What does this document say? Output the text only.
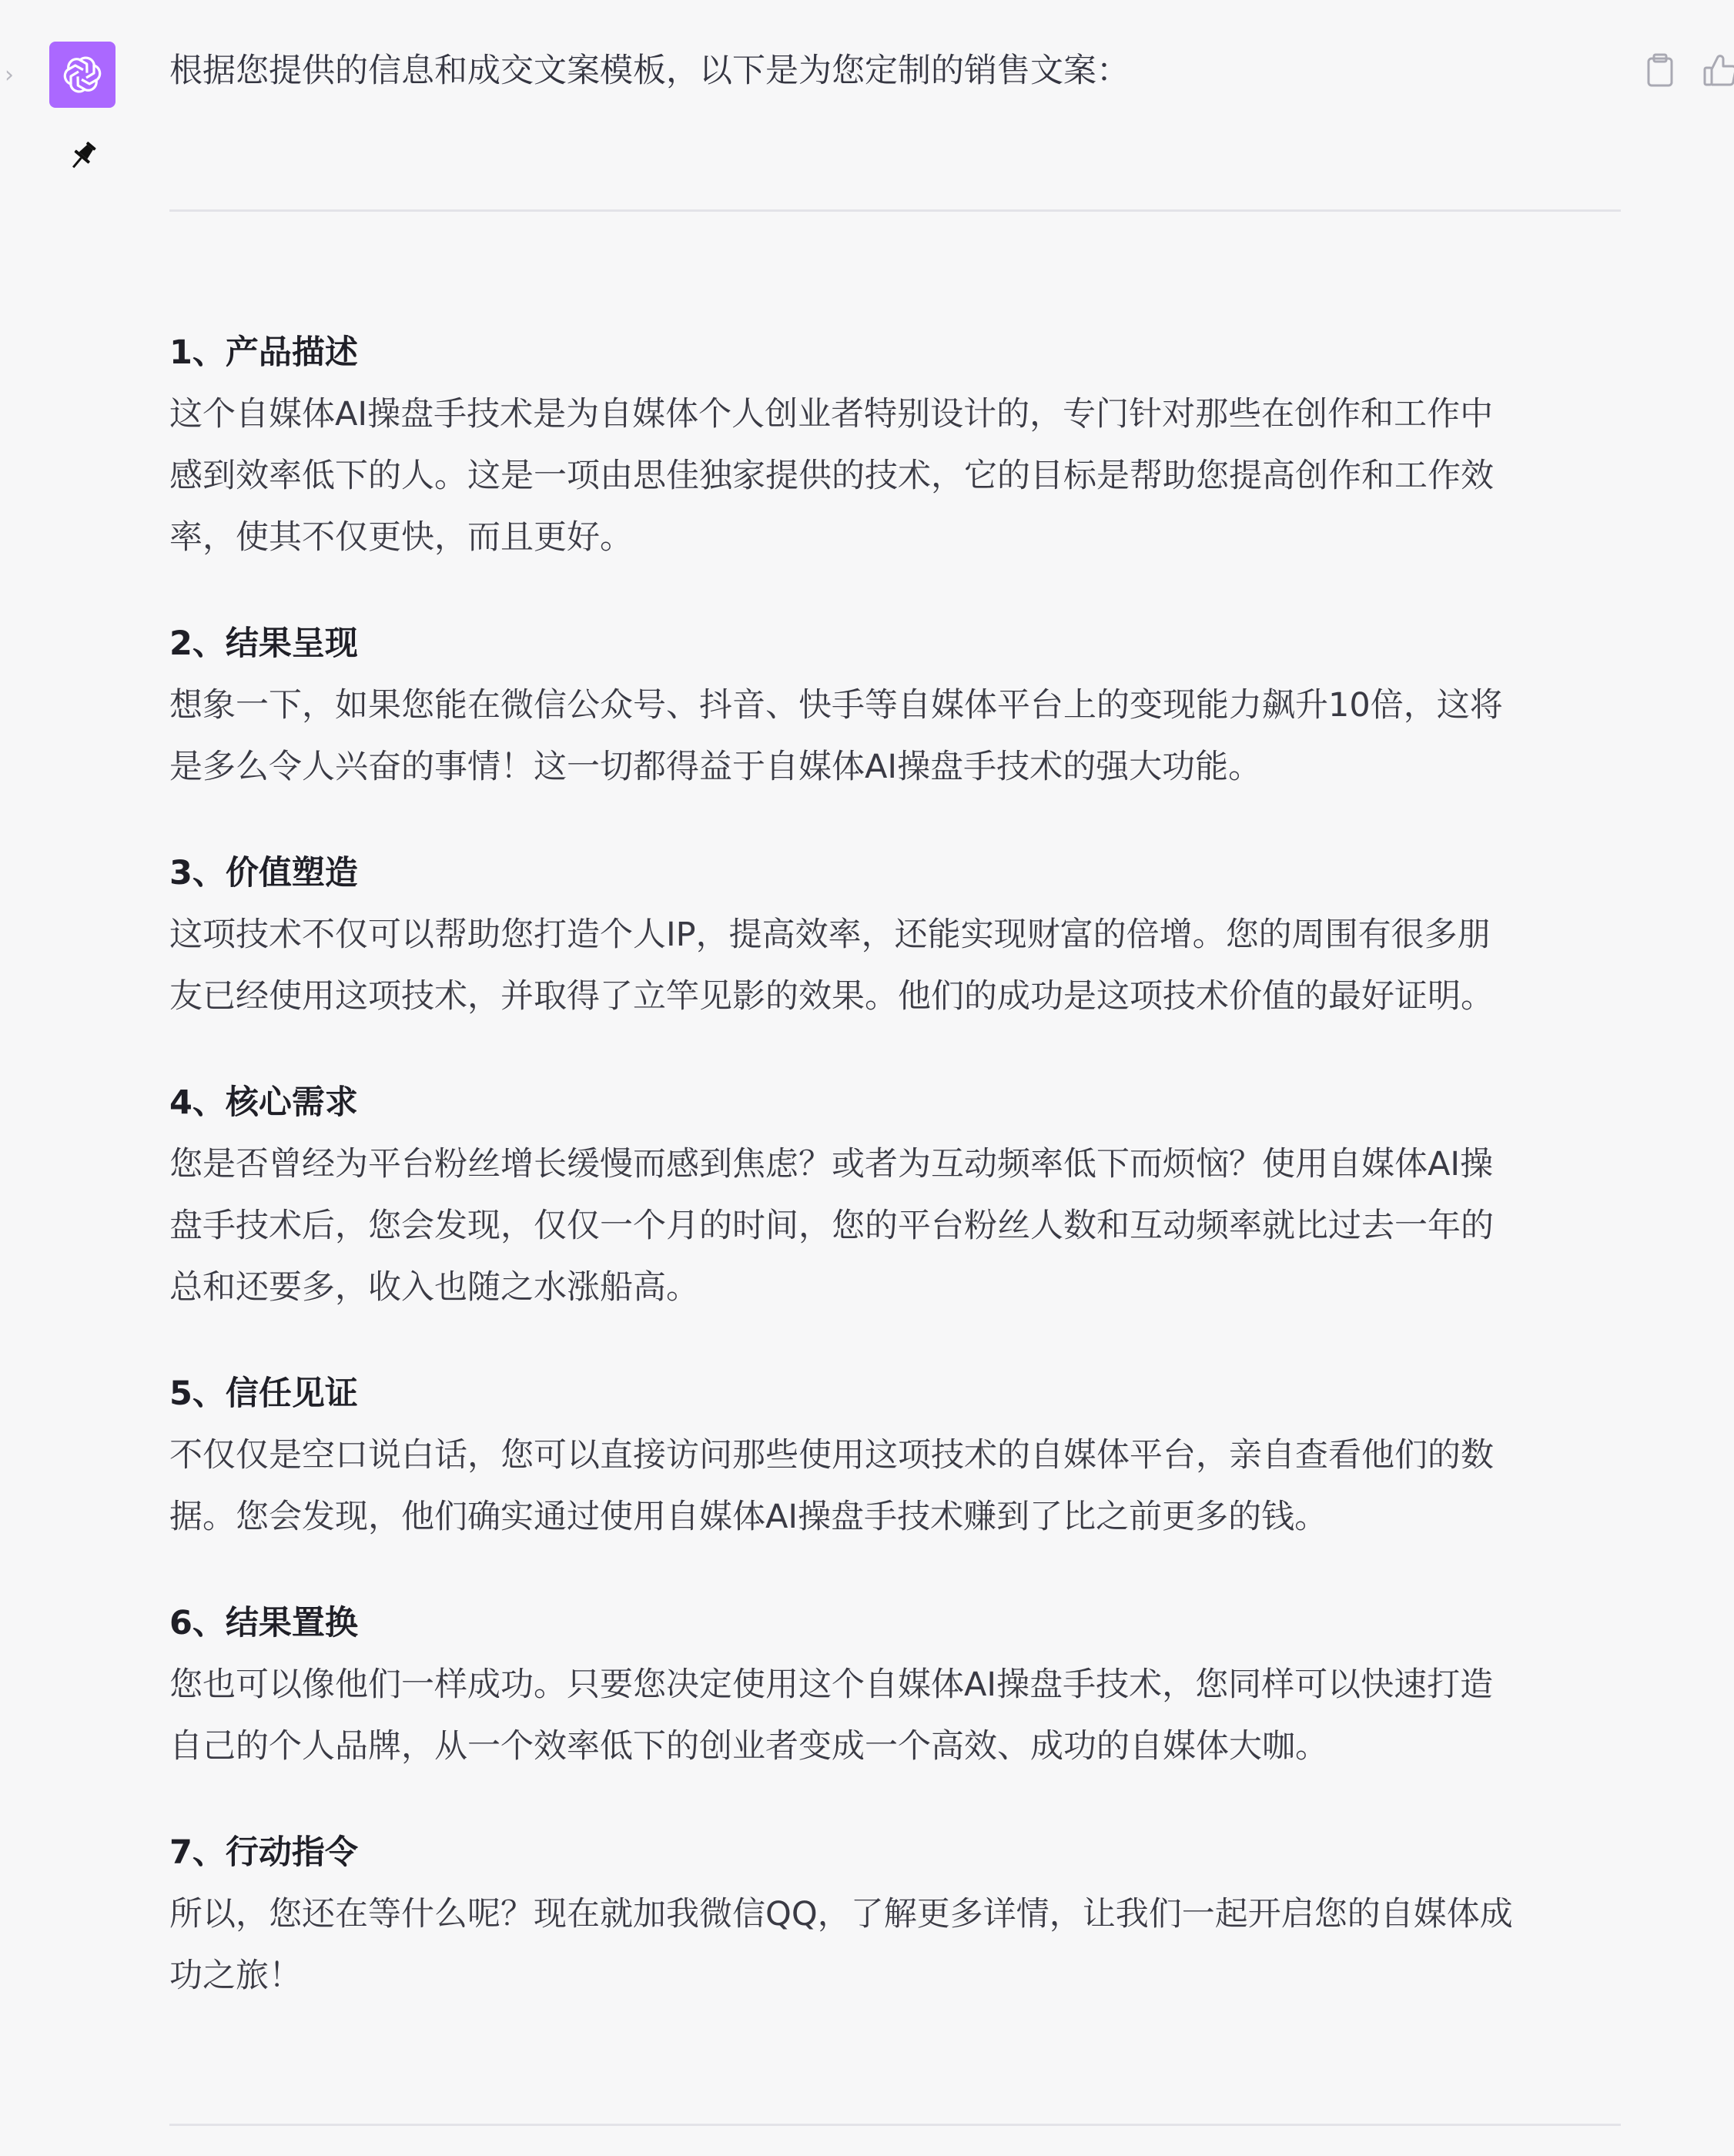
›	根据您提供的信息和成交文案模板，以下是为您定制的销售文案：
1、产品描述
这个自媒体AI操盘手技术是为自媒体个人创业者特别设计的，专门针对那些在创作和工作中
感到效率低下的人。这是一项由思佳独家提供的技术，它的目标是帮助您提高创作和工作效
率，使其不仅更快，而且更好。
2、结果呈现
想象一下，如果您能在微信公众号、抖音、快手等自媒体平台上的变现能力飙升10倍，这将
是多么令人兴奋的事情！这一切都得益于自媒体AI操盘手技术的强大功能。
3、价值塑造
这项技术不仅可以帮助您打造个人IP，提高效率，还能实现财富的倍增。您的周围有很多朋
友已经使用这项技术，并取得了立竿见影的效果。他们的成功是这项技术价值的最好证明。
4、核心需求
您是否曾经为平台粉丝增长缓慢而感到焦虑？或者为互动频率低下而烦恼？使用自媒体AI操
盘手技术后，您会发现，仅仅一个月的时间，您的平台粉丝人数和互动频率就比过去一年的
总和还要多，收入也随之水涨船高。
5、信任见证
不仅仅是空口说白话，您可以直接访问那些使用这项技术的自媒体平台，亲自查看他们的数
据。您会发现，他们确实通过使用自媒体AI操盘手技术赚到了比之前更多的钱。
6、结果置换
您也可以像他们一样成功。只要您决定使用这个自媒体AI操盘手技术，您同样可以快速打造
自己的个人品牌，从一个效率低下的创业者变成一个高效、成功的自媒体大咖。
7、行动指令
所以，您还在等什么呢？现在就加我微信QQ，了解更多详情，让我们一起开启您的自媒体成
功之旅！
